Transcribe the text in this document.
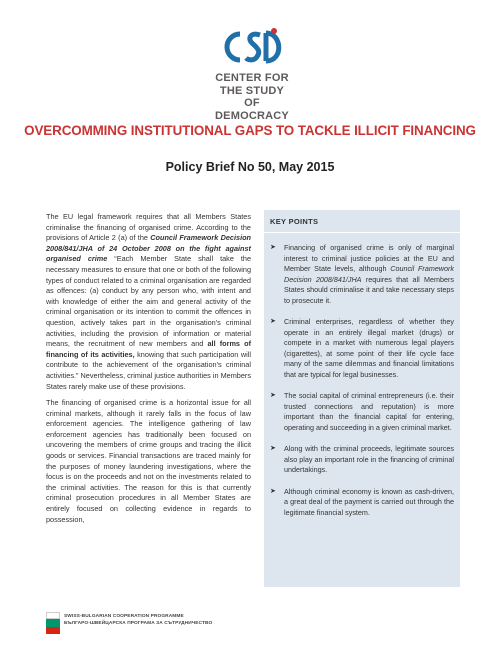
CENTER FOR
THE STUDY OF
DEMOCRACY
OVERCOMMING INSTITUTIONAL GAPS TO TACKLE ILLICIT FINANCING
Policy Brief No 50, May 2015

The EU legal framework requires that all Members States criminalise the financing of organised crime. According to the provisions of Article 2 (a) of the Council Framework Decision 2008/841/JHA of 24 October 2008 on the fight against organised crime “Each Member State shall take the necessary measures to ensure that one or both of the following types of conduct related to a criminal organisation are regarded as offences: (a) conduct by any person who, with intent and with knowledge of either the aim and general activity of the criminal organisation or its intention to commit the offences in question, actively takes part in the organisation’s criminal activities, including the provision of information or material means, the recruitment of new members and all forms of financing of its activities, knowing that such participation will contribute to the achievement of the organisation’s criminal activities.” Nevertheless, criminal justice authorities in Members States rarely make use of these provisions.

The financing of organised crime is a horizontal issue for all criminal markets, although it rarely falls in the focus of law enforcement agencies. The intelligence gathering of law enforcement agencies has traditionally been focused on uncovering the members of crime groups and tracing the illicit goods or services. Financial transactions are traced mainly for the purposes of money laundering investigations, where the focus is on the proceeds and not on the investments related to the criminal activities. The reason for this is that currently criminal prosecution procedures in all Member States are entirely focused on collecting evidence in regards to possession,

KEY POINTS
➤ Financing of organised crime is only of marginal interest to criminal justice policies at the EU and Member State levels, although Council Framework Decision 2008/841/JHA requires that all Members States should criminalise it and take necessary steps to prosecute it.
➤ Criminal enterprises, regardless of whether they operate in an entirely illegal market (drugs) or compete in a market with numerous legal players (cigarettes), at some point of their life cycle face many of the same dilemmas and financial limitations that are typical for legal businesses.
➤ The social capital of criminal entrepreneurs (i.e. their trusted connections and reputation) is more important than the financial capital for entering, operating and succeeding in a given criminal market.
➤ Along with the criminal proceeds, legitimate sources also play an important role in the financing of criminal undertakings.
➤ Although criminal economy is known as cash-driven, a great deal of the payment is carried out through the legitimate financial system.
SWISS-BULGARIAN COOPERATION PROGRAMME
БЪЛГАРО-ШВЕЙЦАРСКА ПРОГРАМА ЗА СЪТРУДНИЧЕСТВО
